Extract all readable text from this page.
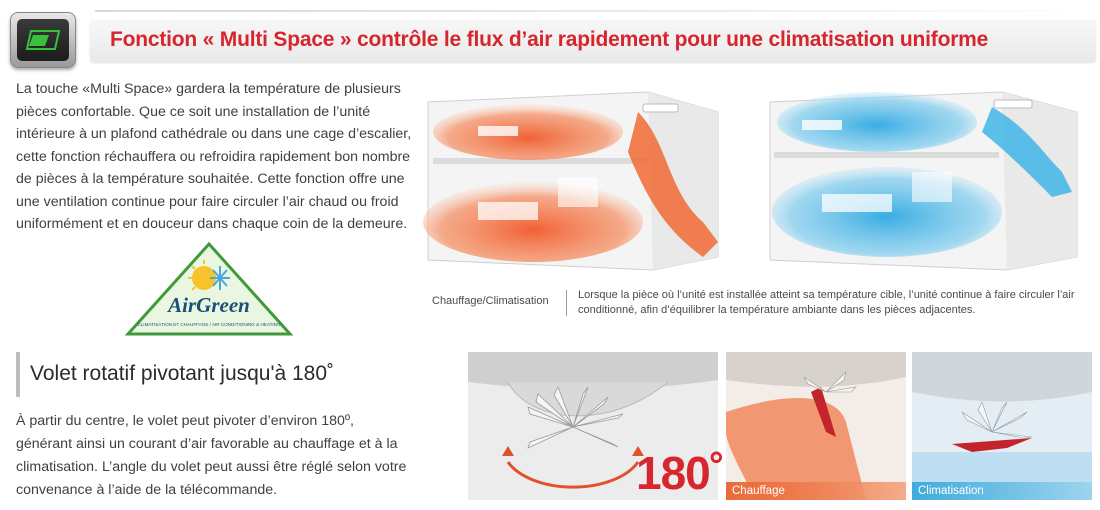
Fonction « Multi Space » contrôle le flux d’air rapidement pour une climatisation uniforme
La touche «Multi Space» gardera la température de plusieurs pièces confortable. Que ce soit une installation de l’unité intérieure à un plafond cathédrale ou dans une cage d’escalier, cette fonction réchauffera ou refroidira rapidement bon nombre de pièces à la température souhaitée. Cette fonction offre une une ventilation continue pour faire circuler l’air chaud ou froid uniformément et en douceur dans chaque coin de la demeure.
Chauffage/Climatisation	Lorsque la pièce où l’unité est installée atteint sa température cible, l’unité continue à faire circuler l’air conditionné, afin d’équilibrer la température ambiante dans les pièces adjacentes.
AirGreen
CLIMATISATION ET CHAUFFAGE / AIR CONDITIONING & HEATING
Volet rotatif pivotant jusqu'à 180˚
À partir du centre, le volet peut pivoter d’environ 180º, générant ainsi un courant d’air favorable au chauffage et à la climatisation. L’angle du volet peut aussi être réglé selon votre convenance à l’aide de la télécommande.	180˚ Chauffage	Climatisation
